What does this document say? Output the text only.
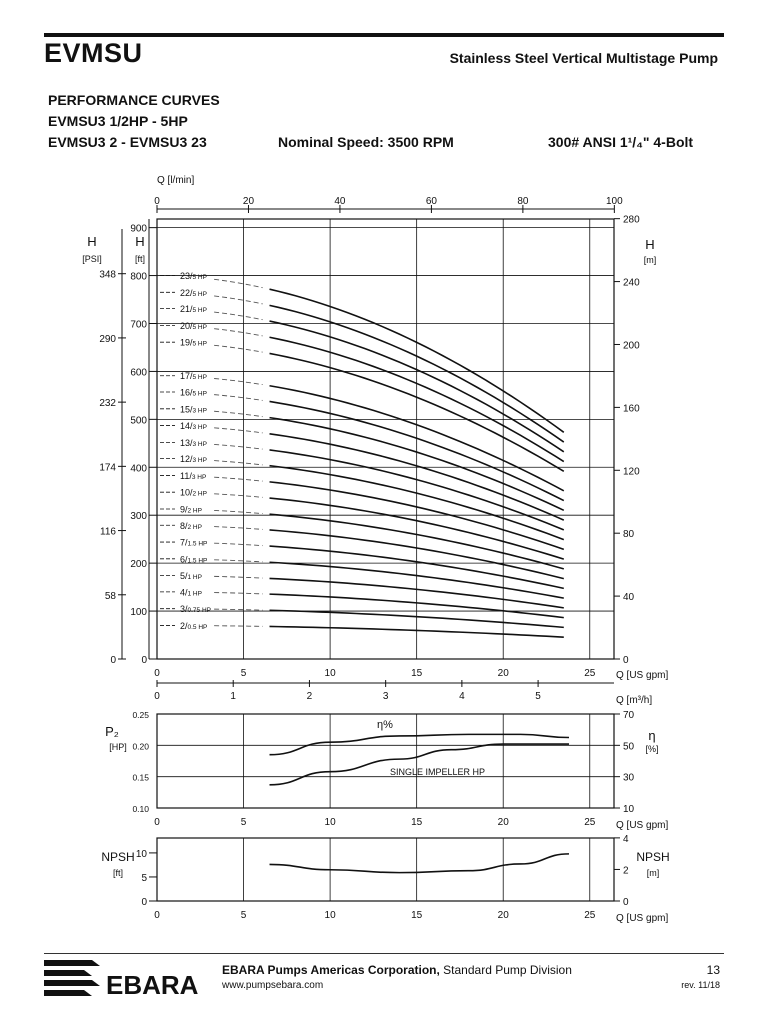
EVMSU	Stainless Steel Vertical Multistage Pump
PERFORMANCE CURVES
EVMSU3 1/2HP - 5HP
EVMSU3 2 - EVMSU3 23	Nominal Speed: 3500 RPM	300# ANSI 1¹/₄" 4-Bolt
0	5	10	15	20	25 Q [US gpm]
0
100
200
300
400
500
600
700
800
900
H
[ft]
0
58
116
174
232
290
348
H
[PSI]
0
40
80
120
160
200
240
280
H
[m]
0	20	40	60	80	100
Q [l/min]
0	1	2	3	4	5	Q [m³/h]
23/5 HP
22/5 HP
21/5 HP
20/5 HP
19/5 HP
17/5 HP
16/5 HP
15/3 HP
14/3 HP
13/3 HP
12/3 HP
11/3 HP
10/2 HP
9/2 HP
8/2 HP
7/1.5 HP
6/1.5 HP
5/1 HP
4/1 HP
3/0.75 HP
2/0.5 HP
0	5	10	15	20	25 Q [US gpm]
0.10
0.15
0.20
0.25
10
30
50
70
P₂
[HP]
η
[%]
η%
SINGLE IMPELLER HP
0	5	10	15	20	25 Q [US gpm]
0
5
10
0
2
4
NPSH
[ft]
NPSH
[m]
EBARA EBARA Pumps Americas Corporation, Standard Pump Division
www.pumpsebara.com
13
rev. 11/18
